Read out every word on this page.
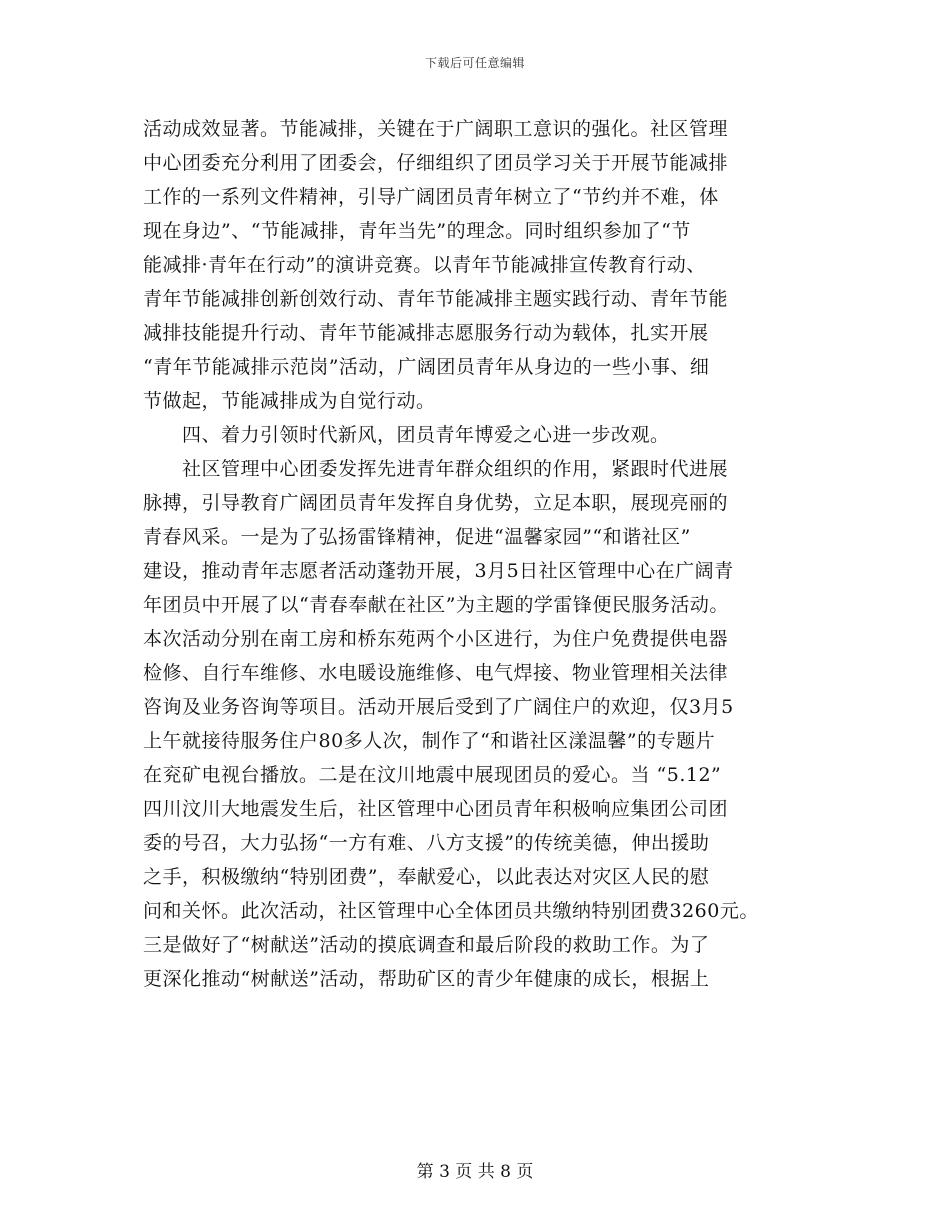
下载后可任意编辑
活动成效显著。节能减排，关键在于广阔职工意识的强化。社区管理
中心团委充分利用了团委会，仔细组织了团员学习关于开展节能减排
工作的一系列文件精神，引导广阔团员青年树立了“节约并不难，体
现在身边”、“节能减排，青年当先”的理念。同时组织参加了“节
能减排·青年在行动”的演讲竞赛。以青年节能减排宣传教育行动、
青年节能减排创新创效行动、青年节能减排主题实践行动、青年节能
减排技能提升行动、青年节能减排志愿服务行动为载体，扎实开展
“青年节能减排示范岗”活动，广阔团员青年从身边的一些小事、细
节做起，节能减排成为自觉行动。
　　四、着力引领时代新风，团员青年博爱之心进一步改观。
　　社区管理中心团委发挥先进青年群众组织的作用，紧跟时代进展
脉搏，引导教育广阔团员青年发挥自身优势，立足本职，展现亮丽的
青春风采。一是为了弘扬雷锋精神，促进“温馨家园”“和谐社区”
建设，推动青年志愿者活动蓬勃开展，3月5日社区管理中心在广阔青
年团员中开展了以“青春奉献在社区”为主题的学雷锋便民服务活动。
本次活动分别在南工房和桥东苑两个小区进行，为住户免费提供电器
检修、自行车维修、水电暖设施维修、电气焊接、物业管理相关法律
咨询及业务咨询等项目。活动开展后受到了广阔住户的欢迎，仅3月5
上午就接待服务住户80多人次，制作了“和谐社区漾温馨”的专题片
在兖矿电视台播放。二是在汶川地震中展现团员的爱心。当 “5.12”
四川汶川大地震发生后，社区管理中心团员青年积极响应集团公司团
委的号召，大力弘扬“一方有难、八方支援”的传统美德，伸出援助
之手，积极缴纳“特别团费”，奉献爱心，以此表达对灾区人民的慰
问和关怀。此次活动，社区管理中心全体团员共缴纳特别团费3260元。
三是做好了“树献送”活动的摸底调查和最后阶段的救助工作。为了
更深化推动“树献送”活动，帮助矿区的青少年健康的成长，根据上
第 3 页 共 8 页
